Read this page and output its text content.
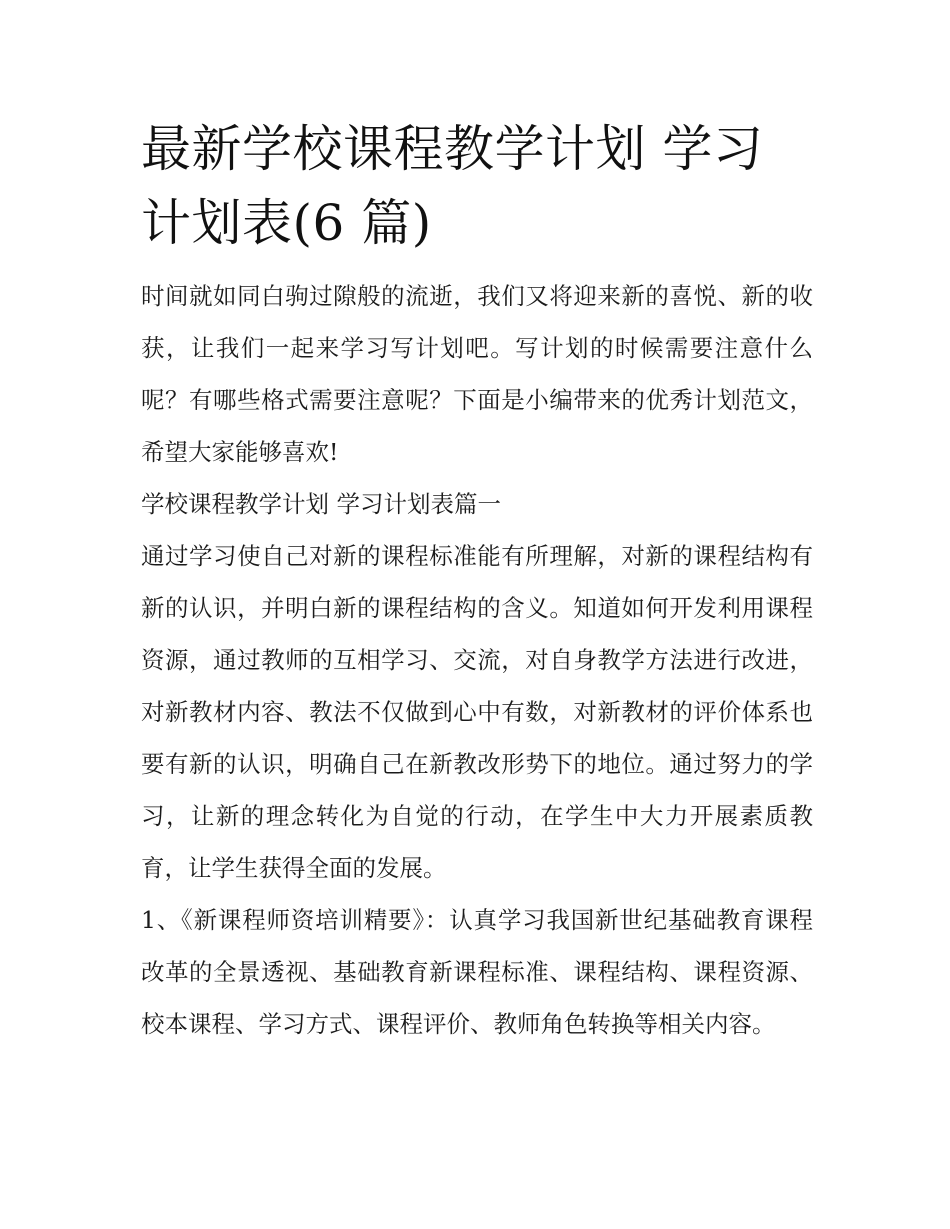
最新学校课程教学计划 学习计划表(6 篇)

时间就如同白驹过隙般的流逝，我们又将迎来新的喜悦、新的收获，让我们一起来学习写计划吧。写计划的时候需要注意什么呢？有哪些格式需要注意呢？下面是小编带来的优秀计划范文，希望大家能够喜欢!

学校课程教学计划 学习计划表篇一

通过学习使自己对新的课程标准能有所理解，对新的课程结构有新的认识，并明白新的课程结构的含义。知道如何开发利用课程资源，通过教师的互相学习、交流，对自身教学方法进行改进，对新教材内容、教法不仅做到心中有数，对新教材的评价体系也要有新的认识，明确自己在新教改形势下的地位。通过努力的学习，让新的理念转化为自觉的行动，在学生中大力开展素质教育，让学生获得全面的发展。

1、《新课程师资培训精要》：认真学习我国新世纪基础教育课程改革的全景透视、基础教育新课程标准、课程结构、课程资源、校本课程、学习方式、课程评价、教师角色转换等相关内容。
